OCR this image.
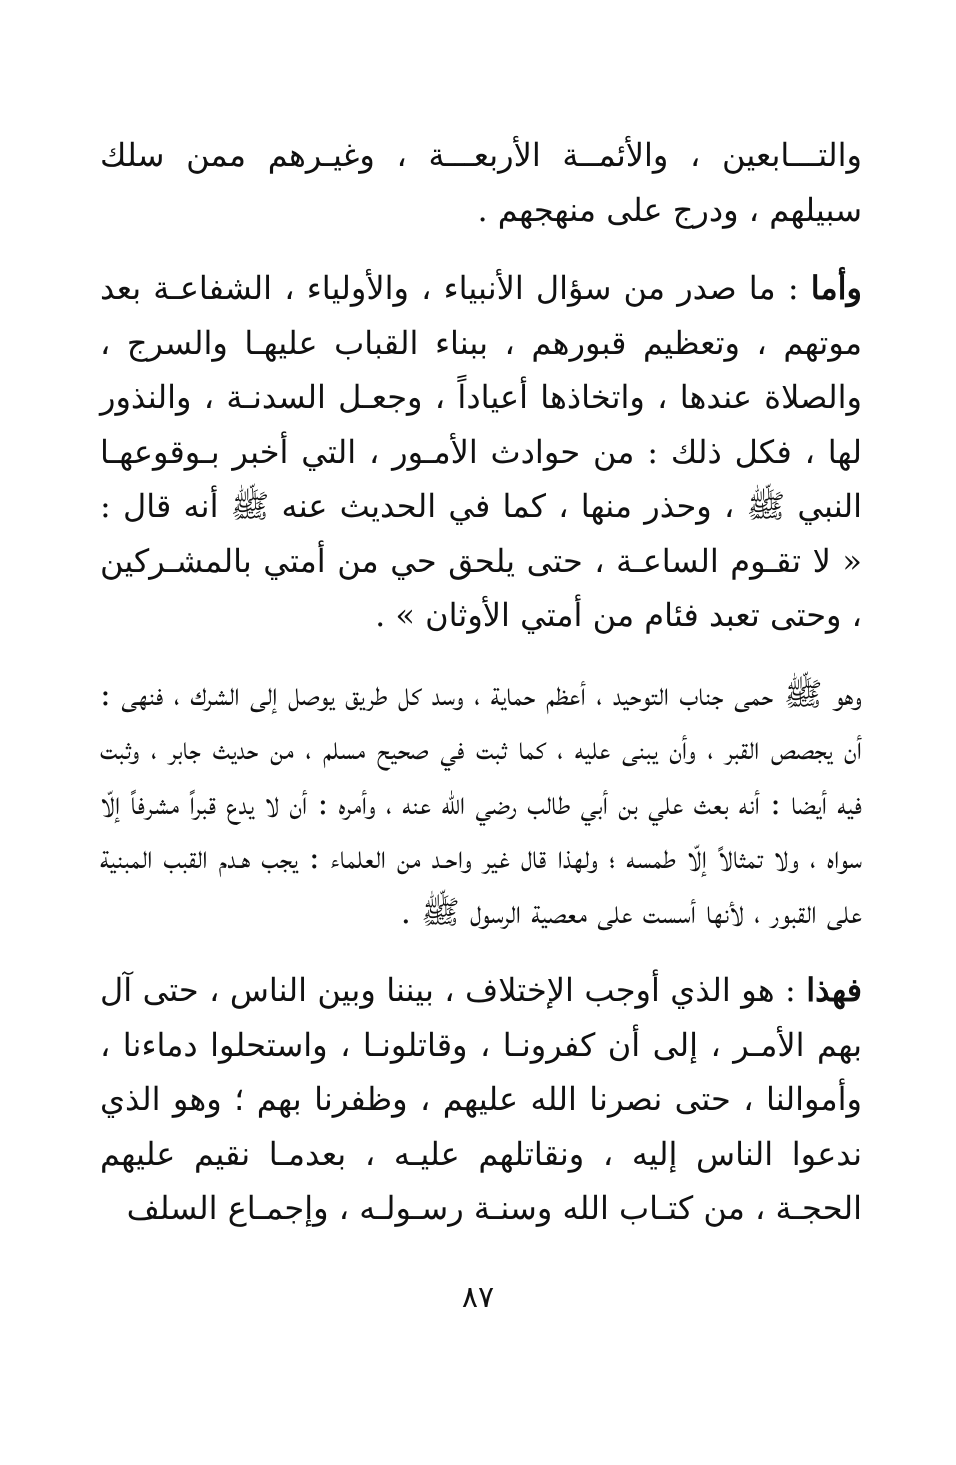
والتـــابعين ، والأئمــة الأربعـــة ، وغيـرهم ممن سلك سبيلهم ، ودرج على منهجهم .

وأما : ما صدر من سؤال الأنبياء ، والأولياء ، الشفاعـة بعد موتهم ، وتعظيم قبورهم ، ببناء القباب عليهـا والسرج ، والصلاة عندها ، واتخاذها أعياداً ، وجعـل السدنـة ، والنذور لها ، فكل ذلك : من حوادث الأمـور ، التي أخبر بـوقوعهـا النبي ﷺ ، وحذر منها ، كما في الحديث عنه ﷺ أنه قال : « لا تقـوم الساعـة ، حتى يلحق حي من أمتي بالمشـركين ، وحتى تعبد فئام من أمتي الأوثان » .

وهو ﷺ حمى جناب التوحيد ، أعظم حماية ، وسد كل طريق يوصل إلى الشرك ، فنهى : أن يجصص القبر ، وأن يبنى عليه ، كما ثبت في صحيح مسلم ، من حديث جابر ، وثبت فيه أيضا : أنه بعث علي بن أبي طالب رضي الله عنه ، وأمره : أن لا يدع قبراً مشرفاً إلّا سواه ، ولا تمثالاً إلّا طمسه ؛ ولهذا قال غير واحـد من العلماء : يجب هـدم القبب المبنية على القبور ، لأنها أسست على معصية الرسول ﷺ .

فهذا : هو الذي أوجب الإختلاف ، بيننا وبين الناس ، حتى آل بهم الأمـر ، إلى أن كفرونـا ، وقاتلونـا ، واستحلوا دماءنا ، وأموالنا ، حتى نصرنا الله عليهم ، وظفرنا بهم ؛ وهو الذي ندعوا الناس إليه ، ونقاتلهم عليـه ، بعدمـا نقيم عليهم الحجـة ، من كتـاب الله وسنـة رسـولـه ، وإجمـاع السلف

٨٧
